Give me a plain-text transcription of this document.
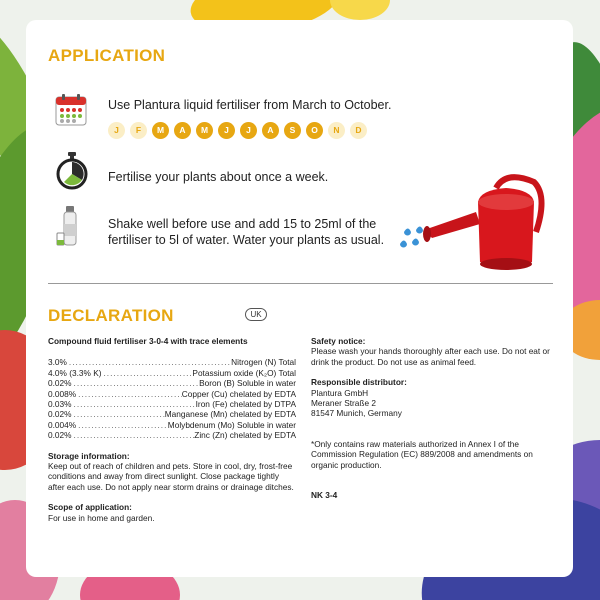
APPLICATION
Use Plantura liquid fertiliser from March to October.
J	F	M	A	M	J	J	A	S	O	N	D
Fertilise your plants about once a week.
Shake well before use and add 15 to 25ml of the fertiliser to 5l of water. Water your plants as usual.
DECLARATION	UK
Compound fluid fertiliser 3-0-4 with trace elements
3.0% .....	Nitrogen (N) Total
4.0% (3.3% K) .....	Potassium oxide (K₂O) Total
0.02% .....	Boron (B) Soluble in water
0.008% .....	Copper (Cu) chelated by EDTA
0.03% .....	Iron (Fe) chelated by DTPA
0.02% .....	Manganese (Mn) chelated by EDTA
0.004% .....	Molybdenum (Mo) Soluble in water
0.02% .....	Zinc (Zn) chelated by EDTA
Storage information:
Keep out of reach of children and pets. Store in cool, dry, frost-free conditions and away from direct sunlight. Close package tightly after each use. Do not apply near storm drains or drainage ditches.
Scope of application:
For use in home and garden.
Safety notice:
Please wash your hands thoroughly after each use. Do not eat or drink the product. Do not use as animal feed.
Responsible distributor:
Plantura GmbH
Meraner Straße 2
81547 Munich, Germany
*Only contains raw materials authorized in Annex I of the Commission Regulation (EC) 889/2008 and amendments on organic production.
NK 3-4
